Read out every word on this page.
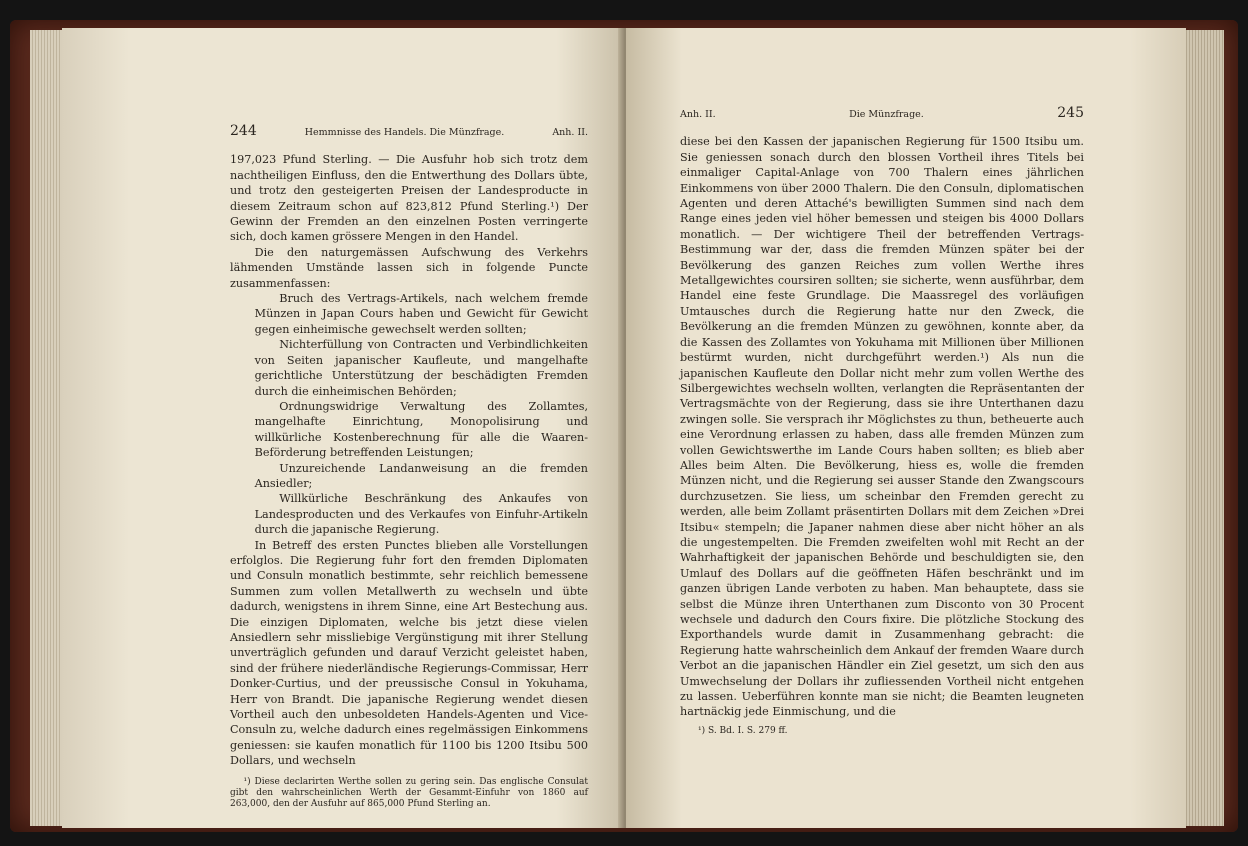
244	Hemmnisse des Handels. Die Münzfrage.	Anh. II.

197,023 Pfund Sterling. — Die Ausfuhr hob sich trotz dem nachtheiligen Einfluss, den die Entwerthung des Dollars übte, und trotz den gesteigerten Preisen der Landesproducte in diesem Zeitraum schon auf 823,812 Pfund Sterling.¹) Der Gewinn der Fremden an den einzelnen Posten verringerte sich, doch kamen grössere Mengen in den Handel.

Die den naturgemässen Aufschwung des Verkehrs lähmenden Umstände lassen sich in folgende Puncte zusammenfassen:

Bruch des Vertrags-Artikels, nach welchem fremde Münzen in Japan Cours haben und Gewicht für Gewicht gegen einheimische gewechselt werden sollten;

Nichterfüllung von Contracten und Verbindlichkeiten von Seiten japanischer Kaufleute, und mangelhafte gerichtliche Unterstützung der beschädigten Fremden durch die einheimischen Behörden;

Ordnungswidrige Verwaltung des Zollamtes, mangelhafte Einrichtung, Monopolisirung und willkürliche Kostenberechnung für alle die Waaren-Beförderung betreffenden Leistungen;

Unzureichende Landanweisung an die fremden Ansiedler;

Willkürliche Beschränkung des Ankaufes von Landesproducten und des Verkaufes von Einfuhr-Artikeln durch die japanische Regierung.

In Betreff des ersten Punctes blieben alle Vorstellungen erfolglos. Die Regierung fuhr fort den fremden Diplomaten und Consuln monatlich bestimmte, sehr reichlich bemessene Summen zum vollen Metallwerth zu wechseln und übte dadurch, wenigstens in ihrem Sinne, eine Art Bestechung aus. Die einzigen Diplomaten, welche bis jetzt diese vielen Ansiedlern sehr missliebige Vergünstigung mit ihrer Stellung unverträglich gefunden und darauf Verzicht geleistet haben, sind der frühere niederländische Regierungs-Commissar, Herr Donker-Curtius, und der preussische Consul in Yokuhama, Herr von Brandt. Die japanische Regierung wendet diesen Vortheil auch den unbesoldeten Handels-Agenten und Vice-Consuln zu, welche dadurch eines regelmässigen Einkommens geniessen: sie kaufen monatlich für 1100 bis 1200 Itsibu 500 Dollars, und wechseln

¹) Diese declarirten Werthe sollen zu gering sein. Das englische Consulat gibt den wahrscheinlichen Werth der Gesammt-Einfuhr von 1860 auf 263,000, den der Ausfuhr auf 865,000 Pfund Sterling an.

Anh. II.	Die Münzfrage.	245

diese bei den Kassen der japanischen Regierung für 1500 Itsibu um. Sie geniessen sonach durch den blossen Vortheil ihres Titels bei einmaliger Capital-Anlage von 700 Thalern eines jährlichen Einkommens von über 2000 Thalern. Die den Consuln, diplomatischen Agenten und deren Attaché's bewilligten Summen sind nach dem Range eines jeden viel höher bemessen und steigen bis 4000 Dollars monatlich. — Der wichtigere Theil der betreffenden Vertrags-Bestimmung war der, dass die fremden Münzen später bei der Bevölkerung des ganzen Reiches zum vollen Werthe ihres Metallgewichtes coursiren sollten; sie sicherte, wenn ausführbar, dem Handel eine feste Grundlage. Die Maassregel des vorläufigen Umtausches durch die Regierung hatte nur den Zweck, die Bevölkerung an die fremden Münzen zu gewöhnen, konnte aber, da die Kassen des Zollamtes von Yokuhama mit Millionen über Millionen bestürmt wurden, nicht durchgeführt werden.¹) Als nun die japanischen Kaufleute den Dollar nicht mehr zum vollen Werthe des Silbergewichtes wechseln wollten, verlangten die Repräsentanten der Vertragsmächte von der Regierung, dass sie ihre Unterthanen dazu zwingen solle. Sie versprach ihr Möglichstes zu thun, betheuerte auch eine Verordnung erlassen zu haben, dass alle fremden Münzen zum vollen Gewichtswerthe im Lande Cours haben sollten; es blieb aber Alles beim Alten. Die Bevölkerung, hiess es, wolle die fremden Münzen nicht, und die Regierung sei ausser Stande den Zwangscours durchzusetzen. Sie liess, um scheinbar den Fremden gerecht zu werden, alle beim Zollamt präsentirten Dollars mit dem Zeichen »Drei Itsibu« stempeln; die Japaner nahmen diese aber nicht höher an als die ungestempelten. Die Fremden zweifelten wohl mit Recht an der Wahrhaftigkeit der japanischen Behörde und beschuldigten sie, den Umlauf des Dollars auf die geöffneten Häfen beschränkt und im ganzen übrigen Lande verboten zu haben. Man behauptete, dass sie selbst die Münze ihren Unterthanen zum Disconto von 30 Procent wechsele und dadurch den Cours fixire. Die plötzliche Stockung des Exporthandels wurde damit in Zusammenhang gebracht: die Regierung hatte wahrscheinlich dem Ankauf der fremden Waare durch Verbot an die japanischen Händler ein Ziel gesetzt, um sich den aus Umwechselung der Dollars ihr zufliessenden Vortheil nicht entgehen zu lassen. Ueberführen konnte man sie nicht; die Beamten leugneten hartnäckig jede Einmischung, und die

¹) S. Bd. I. S. 279 ff.
